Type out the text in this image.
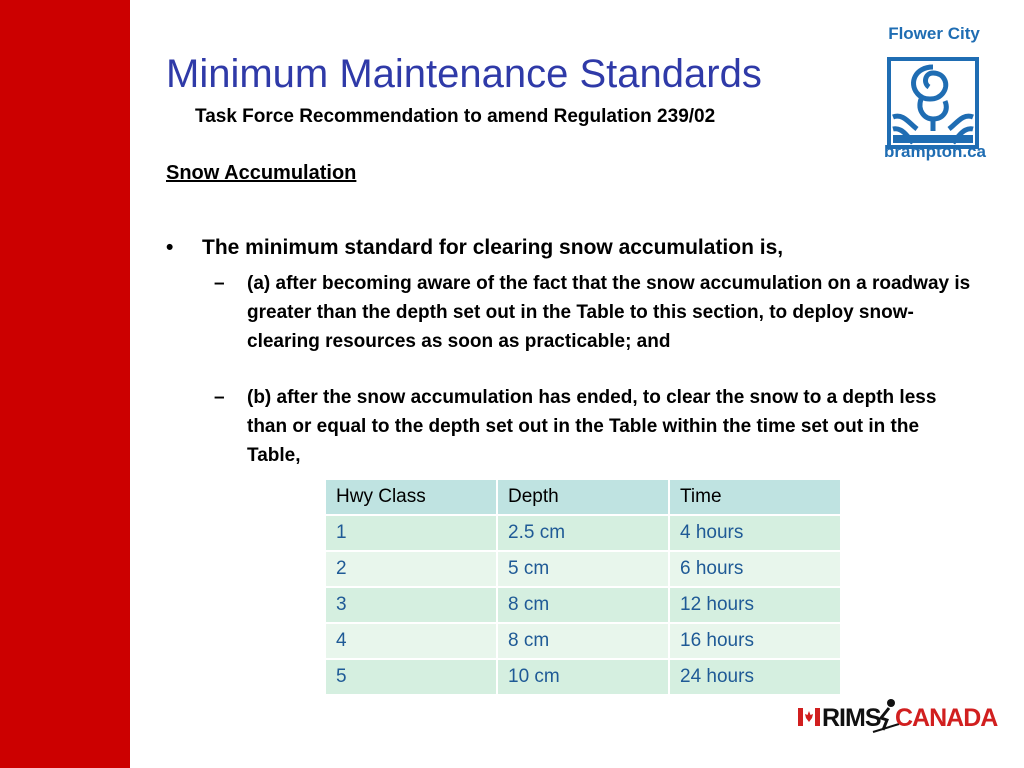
Minimum Maintenance Standards
Task Force Recommendation to amend Regulation 239/02
Flower City
brampton.ca
Snow Accumulation
• The minimum standard for clearing snow accumulation is,
– (a) after becoming aware of the fact that the snow accumulation on a roadway is greater than the depth set out in the Table to this section, to deploy snow-clearing resources as soon as practicable; and
– (b) after the snow accumulation has ended, to clear the snow to a depth less than or equal to the depth set out in the Table within the time set out in the Table,
Hwy Class	Depth	Time
1	2.5 cm	4 hours
2	5 cm	6 hours
3	8 cm	12 hours
4	8 cm	16 hours
5	10 cm	24 hours
RIMS CANADA
